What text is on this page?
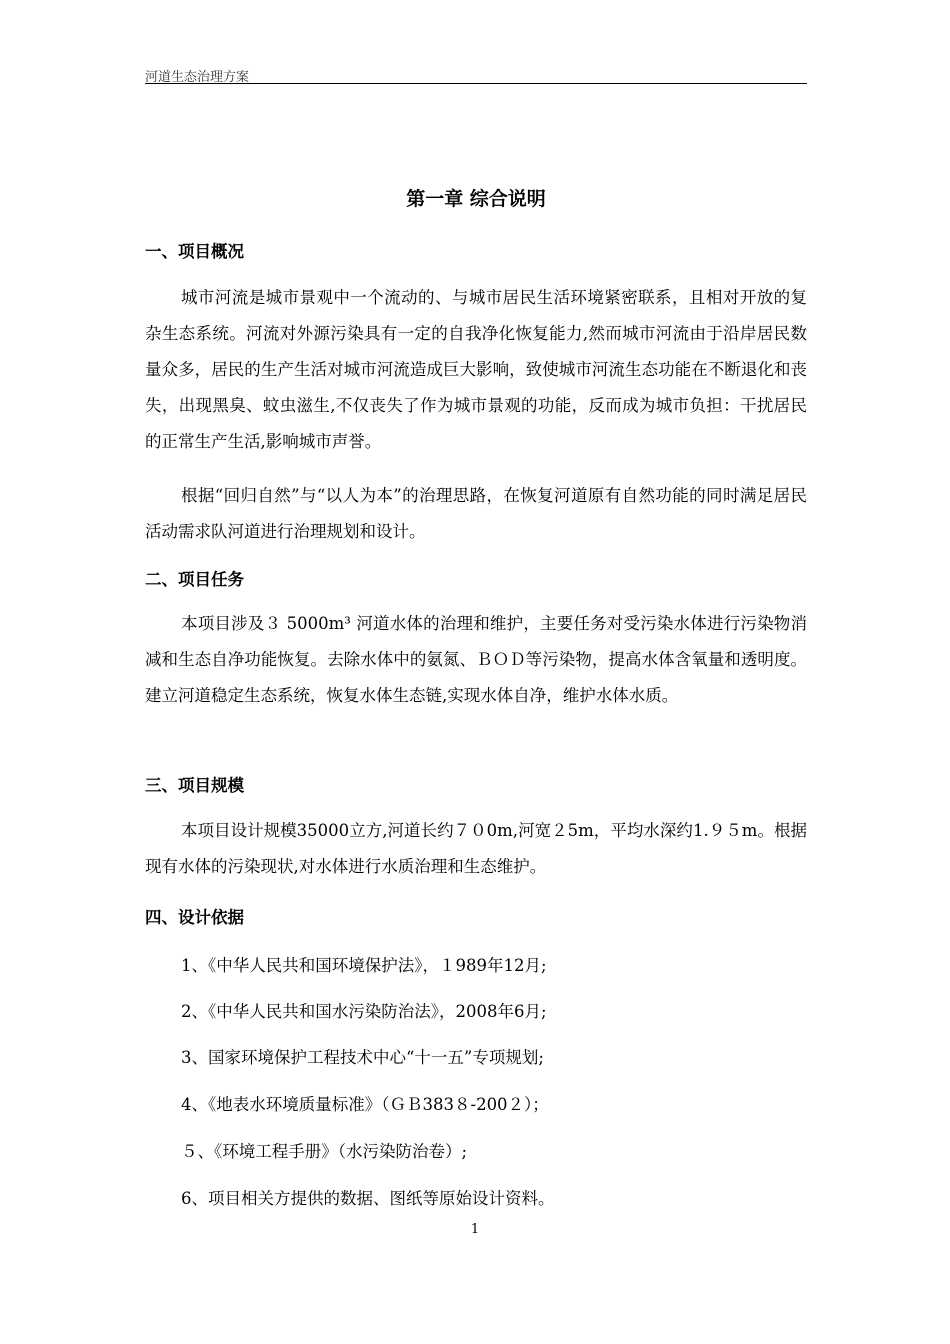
河道生态治理方案
第一章 综合说明
一、项目概况

城市河流是城市景观中一个流动的、与城市居民生活环境紧密联系，且相对开放的复杂生态系统。河流对外源污染具有一定的自我净化恢复能力,然而城市河流由于沿岸居民数量众多，居民的生产生活对城市河流造成巨大影响，致使城市河流生态功能在不断退化和丧失，出现黑臭、蚊虫滋生,不仅丧失了作为城市景观的功能，反而成为城市负担：干扰居民的正常生产生活,影响城市声誉。

根据“回归自然”与“以人为本”的治理思路，在恢复河道原有自然功能的同时满足居民活动需求队河道进行治理规划和设计。

二、项目任务

本项目涉及３ 5000m³ 河道水体的治理和维护，主要任务对受污染水体进行污染物消减和生态自净功能恢复。去除水体中的氨氮、ＢＯＤ等污染物，提高水体含氧量和透明度。建立河道稳定生态系统，恢复水体生态链,实现水体自净，维护水体水质。

三、项目规模

本项目设计规模35000立方,河道长约７０0m,河宽２5m，平均水深约1.９５m。根据现有水体的污染现状,对水体进行水质治理和生态维护。

四、设计依据
1、《中华人民共和国环境保护法》，１989年12月;
2、《中华人民共和国水污染防治法》，2008年6月;
3、国家环境保护工程技术中心“十一五”专项规划;
4、《地表水环境质量标准》（ＧＢ383８-200２）；
５、《环境工程手册》（水污染防治卷）;
6、项目相关方提供的数据、图纸等原始设计资料。
1
